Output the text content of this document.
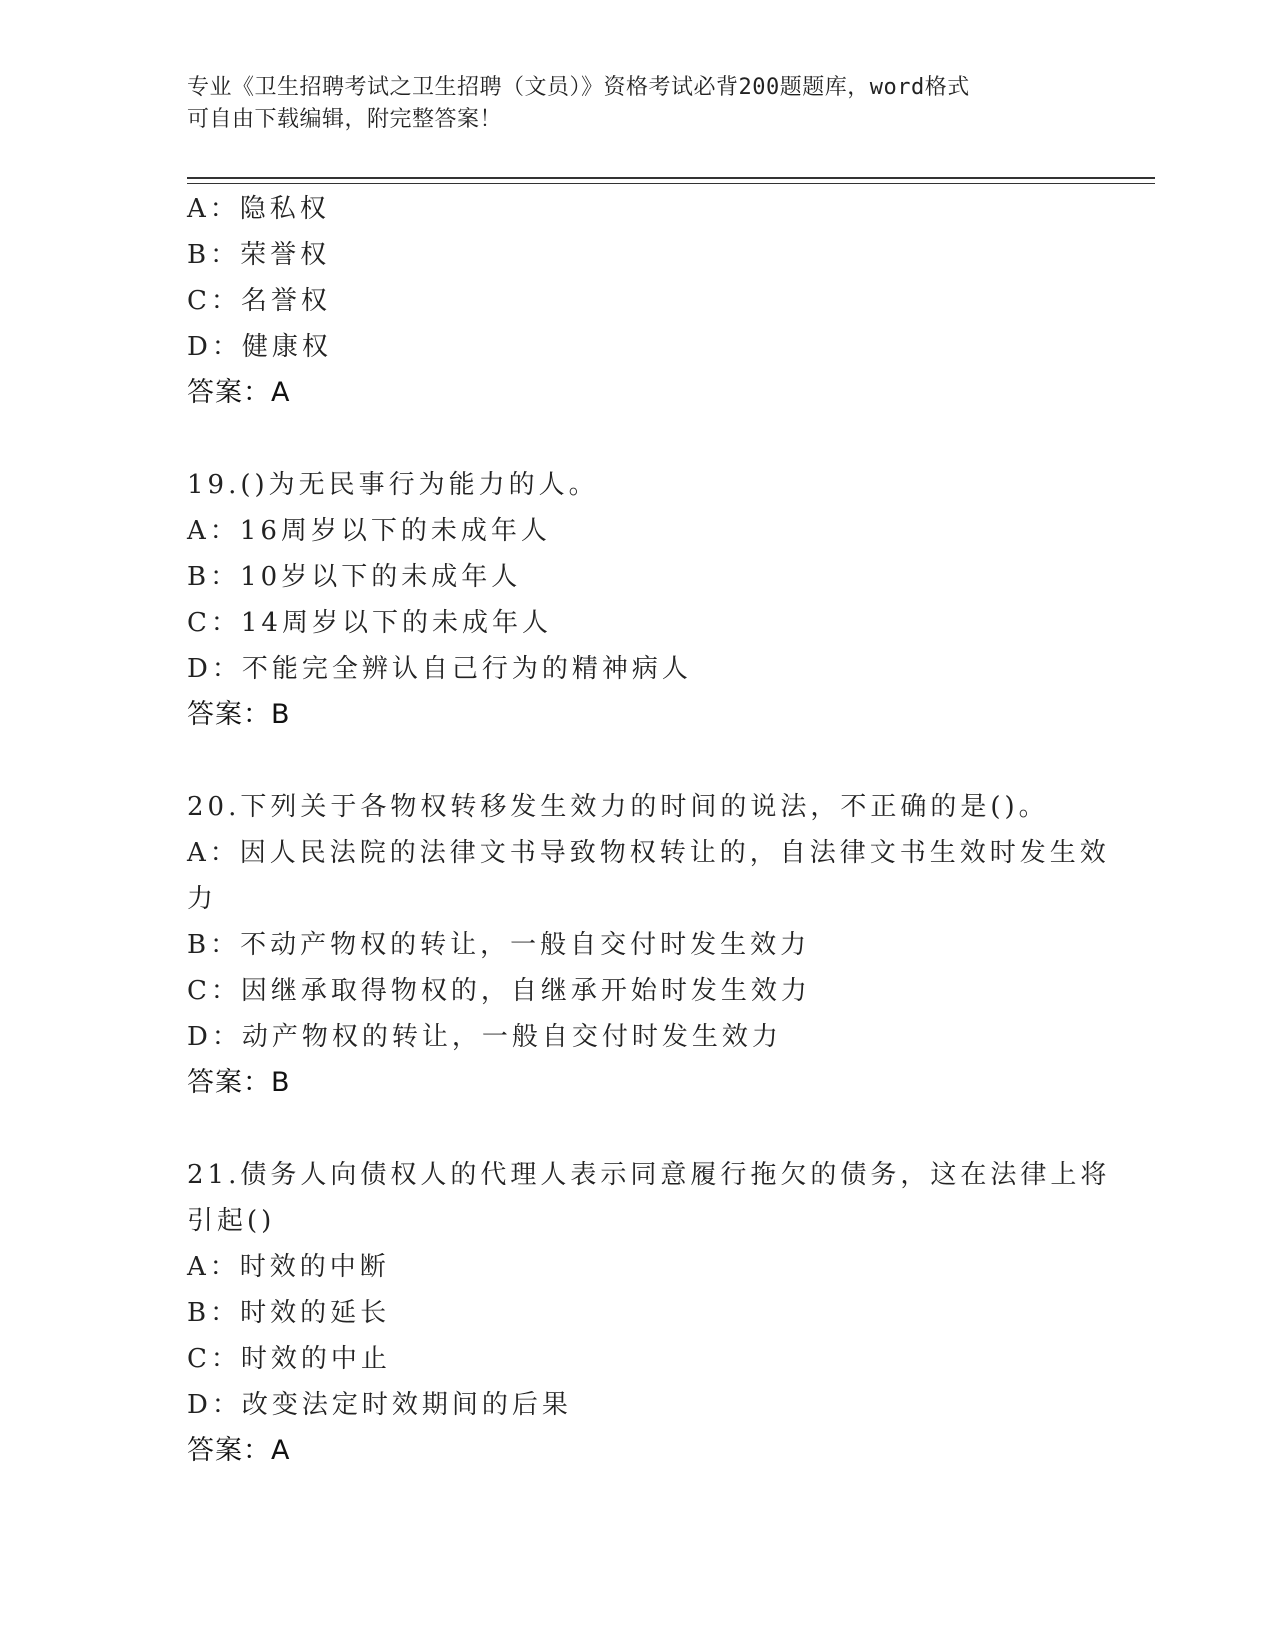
专业《卫生招聘考试之卫生招聘（文员）》资格考试必背200题题库，word格式
可自由下载编辑，附完整答案！
A：隐私权
B：荣誉权
C：名誉权
D：健康权
答案：A
19.()为无民事行为能力的人。
A：16周岁以下的未成年人
B：10岁以下的未成年人
C：14周岁以下的未成年人
D：不能完全辨认自己行为的精神病人
答案：B
20.下列关于各物权转移发生效力的时间的说法，不正确的是()。
A：因人民法院的法律文书导致物权转让的，自法律文书生效时发生效
力
B：不动产物权的转让，一般自交付时发生效力
C：因继承取得物权的，自继承开始时发生效力
D：动产物权的转让，一般自交付时发生效力
答案：B
21.债务人向债权人的代理人表示同意履行拖欠的债务，这在法律上将
引起()
A：时效的中断
B：时效的延长
C：时效的中止
D：改变法定时效期间的后果
答案：A
